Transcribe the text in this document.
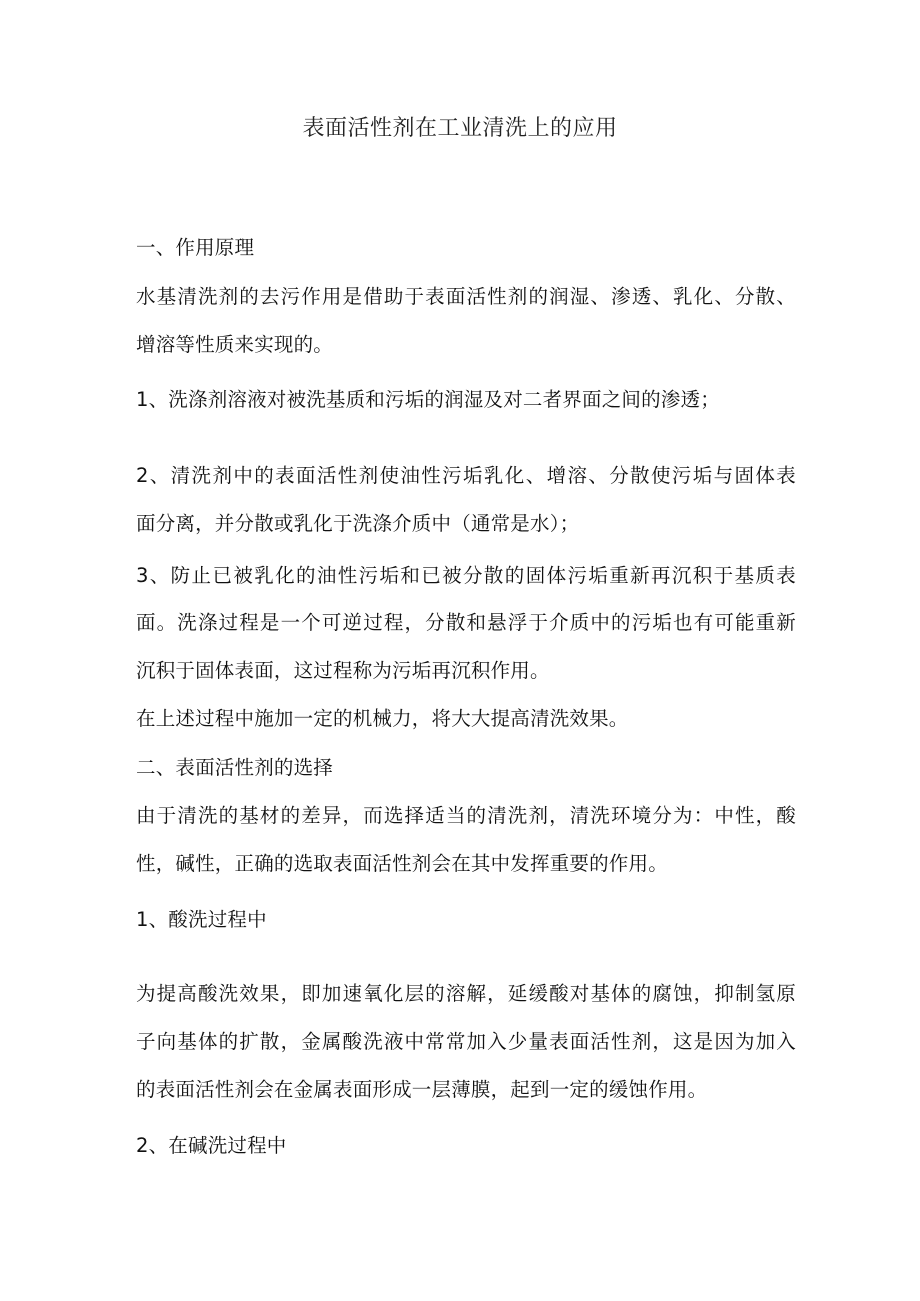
表面活性剂在工业清洗上的应用
一、作用原理
水基清洗剂的去污作用是借助于表面活性剂的润湿、渗透、乳化、分散、
增溶等性质来实现的。
1、洗涤剂溶液对被洗基质和污垢的润湿及对二者界面之间的渗透；
2、清洗剂中的表面活性剂使油性污垢乳化、增溶、分散使污垢与固体表
面分离，并分散或乳化于洗涤介质中（通常是水）；
3、防止已被乳化的油性污垢和已被分散的固体污垢重新再沉积于基质表
面。洗涤过程是一个可逆过程，分散和悬浮于介质中的污垢也有可能重新
沉积于固体表面，这过程称为污垢再沉积作用。
在上述过程中施加一定的机械力，将大大提高清洗效果。
二、表面活性剂的选择
由于清洗的基材的差异，而选择适当的清洗剂，清洗环境分为：中性，酸
性，碱性，正确的选取表面活性剂会在其中发挥重要的作用。
1、酸洗过程中
为提高酸洗效果，即加速氧化层的溶解，延缓酸对基体的腐蚀，抑制氢原
子向基体的扩散，金属酸洗液中常常加入少量表面活性剂，这是因为加入
的表面活性剂会在金属表面形成一层薄膜，起到一定的缓蚀作用。
2、在碱洗过程中
